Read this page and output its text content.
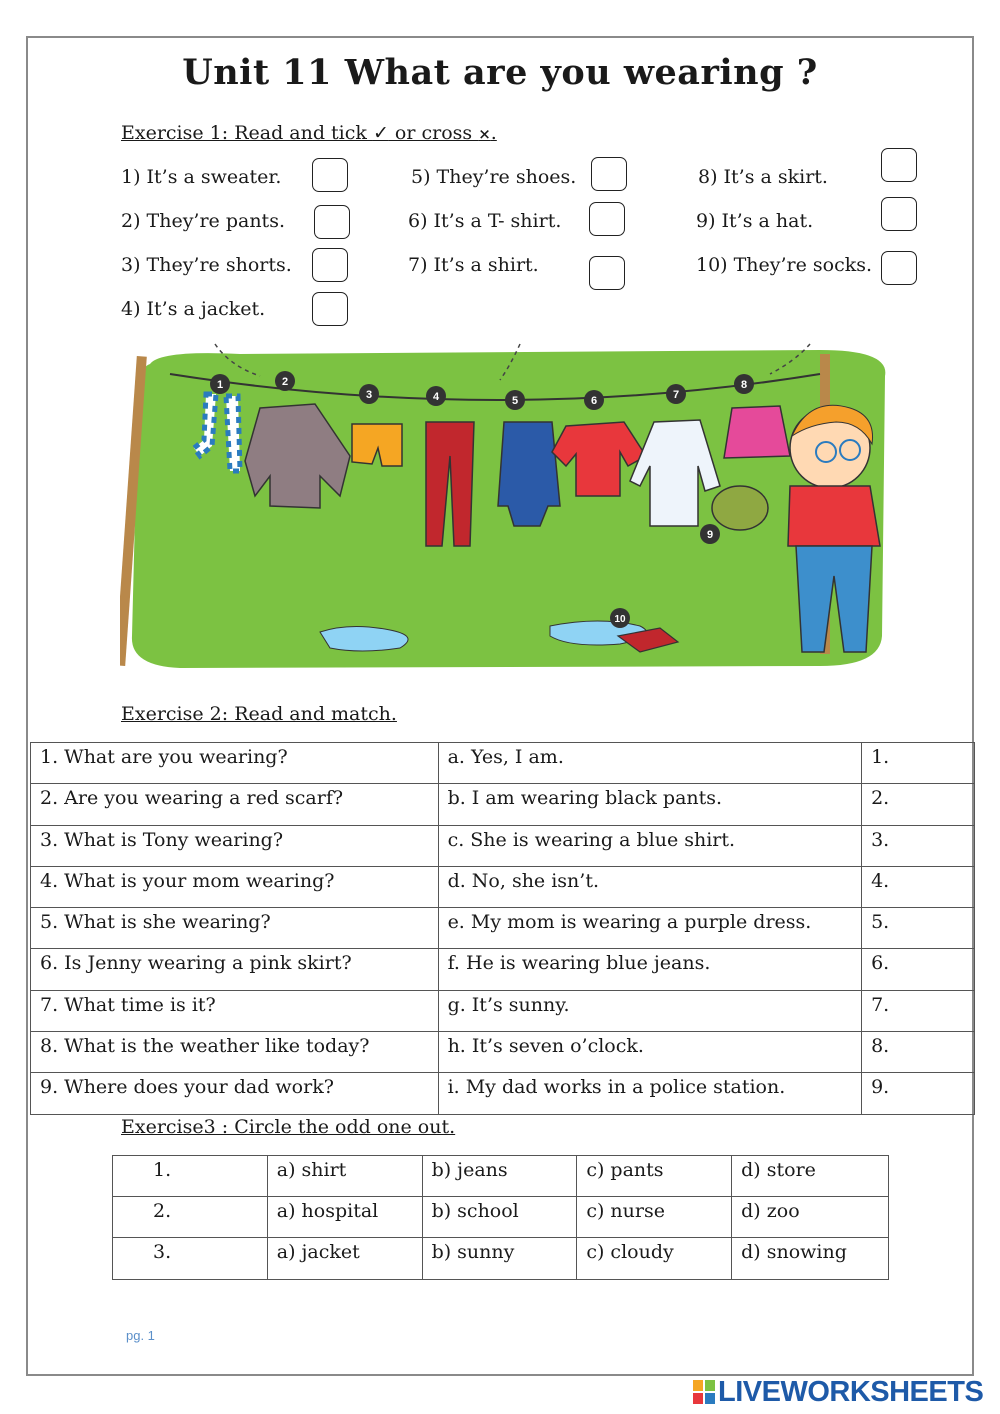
Unit 11 What are you wearing ?
Exercise 1: Read and tick ✓ or cross ×.
1) It’s a sweater.
2) They’re pants.
3) They’re shorts.
4) It’s a jacket.
5) They’re shoes.
6) It’s a T- shirt.
7) It’s a shirt.
8) It’s a skirt.
9) It’s a hat.
10) They’re socks.
1	2
3	4	5	6	7
8
9
10
Exercise 2: Read and match.
1. What are you wearing?	a. Yes, I am.	1.
2. Are you wearing a red scarf?	b. I am wearing black pants.	2.
3. What is Tony wearing?	c. She is wearing a blue shirt.	3.
4. What is your mom wearing?	d. No, she isn’t.	4.
5. What is she wearing?	e. My mom is wearing a purple dress.	5.
6. Is Jenny wearing a pink skirt?	f. He is wearing blue jeans.	6.
7. What time is it?	g. It’s sunny.	7.
8. What is the weather like today?	h. It’s seven o’clock.	8.
9. Where does your dad work?	i. My dad works in a police station.	9.
Exercise3 : Circle the odd one out.
1.	a) shirt	b) jeans	c) pants	d) store
2.	a) hospital	b) school	c) nurse	d) zoo
3.	a) jacket	b) sunny	c) cloudy	d) snowing
pg. 1
LIVEWORKSHEETS
